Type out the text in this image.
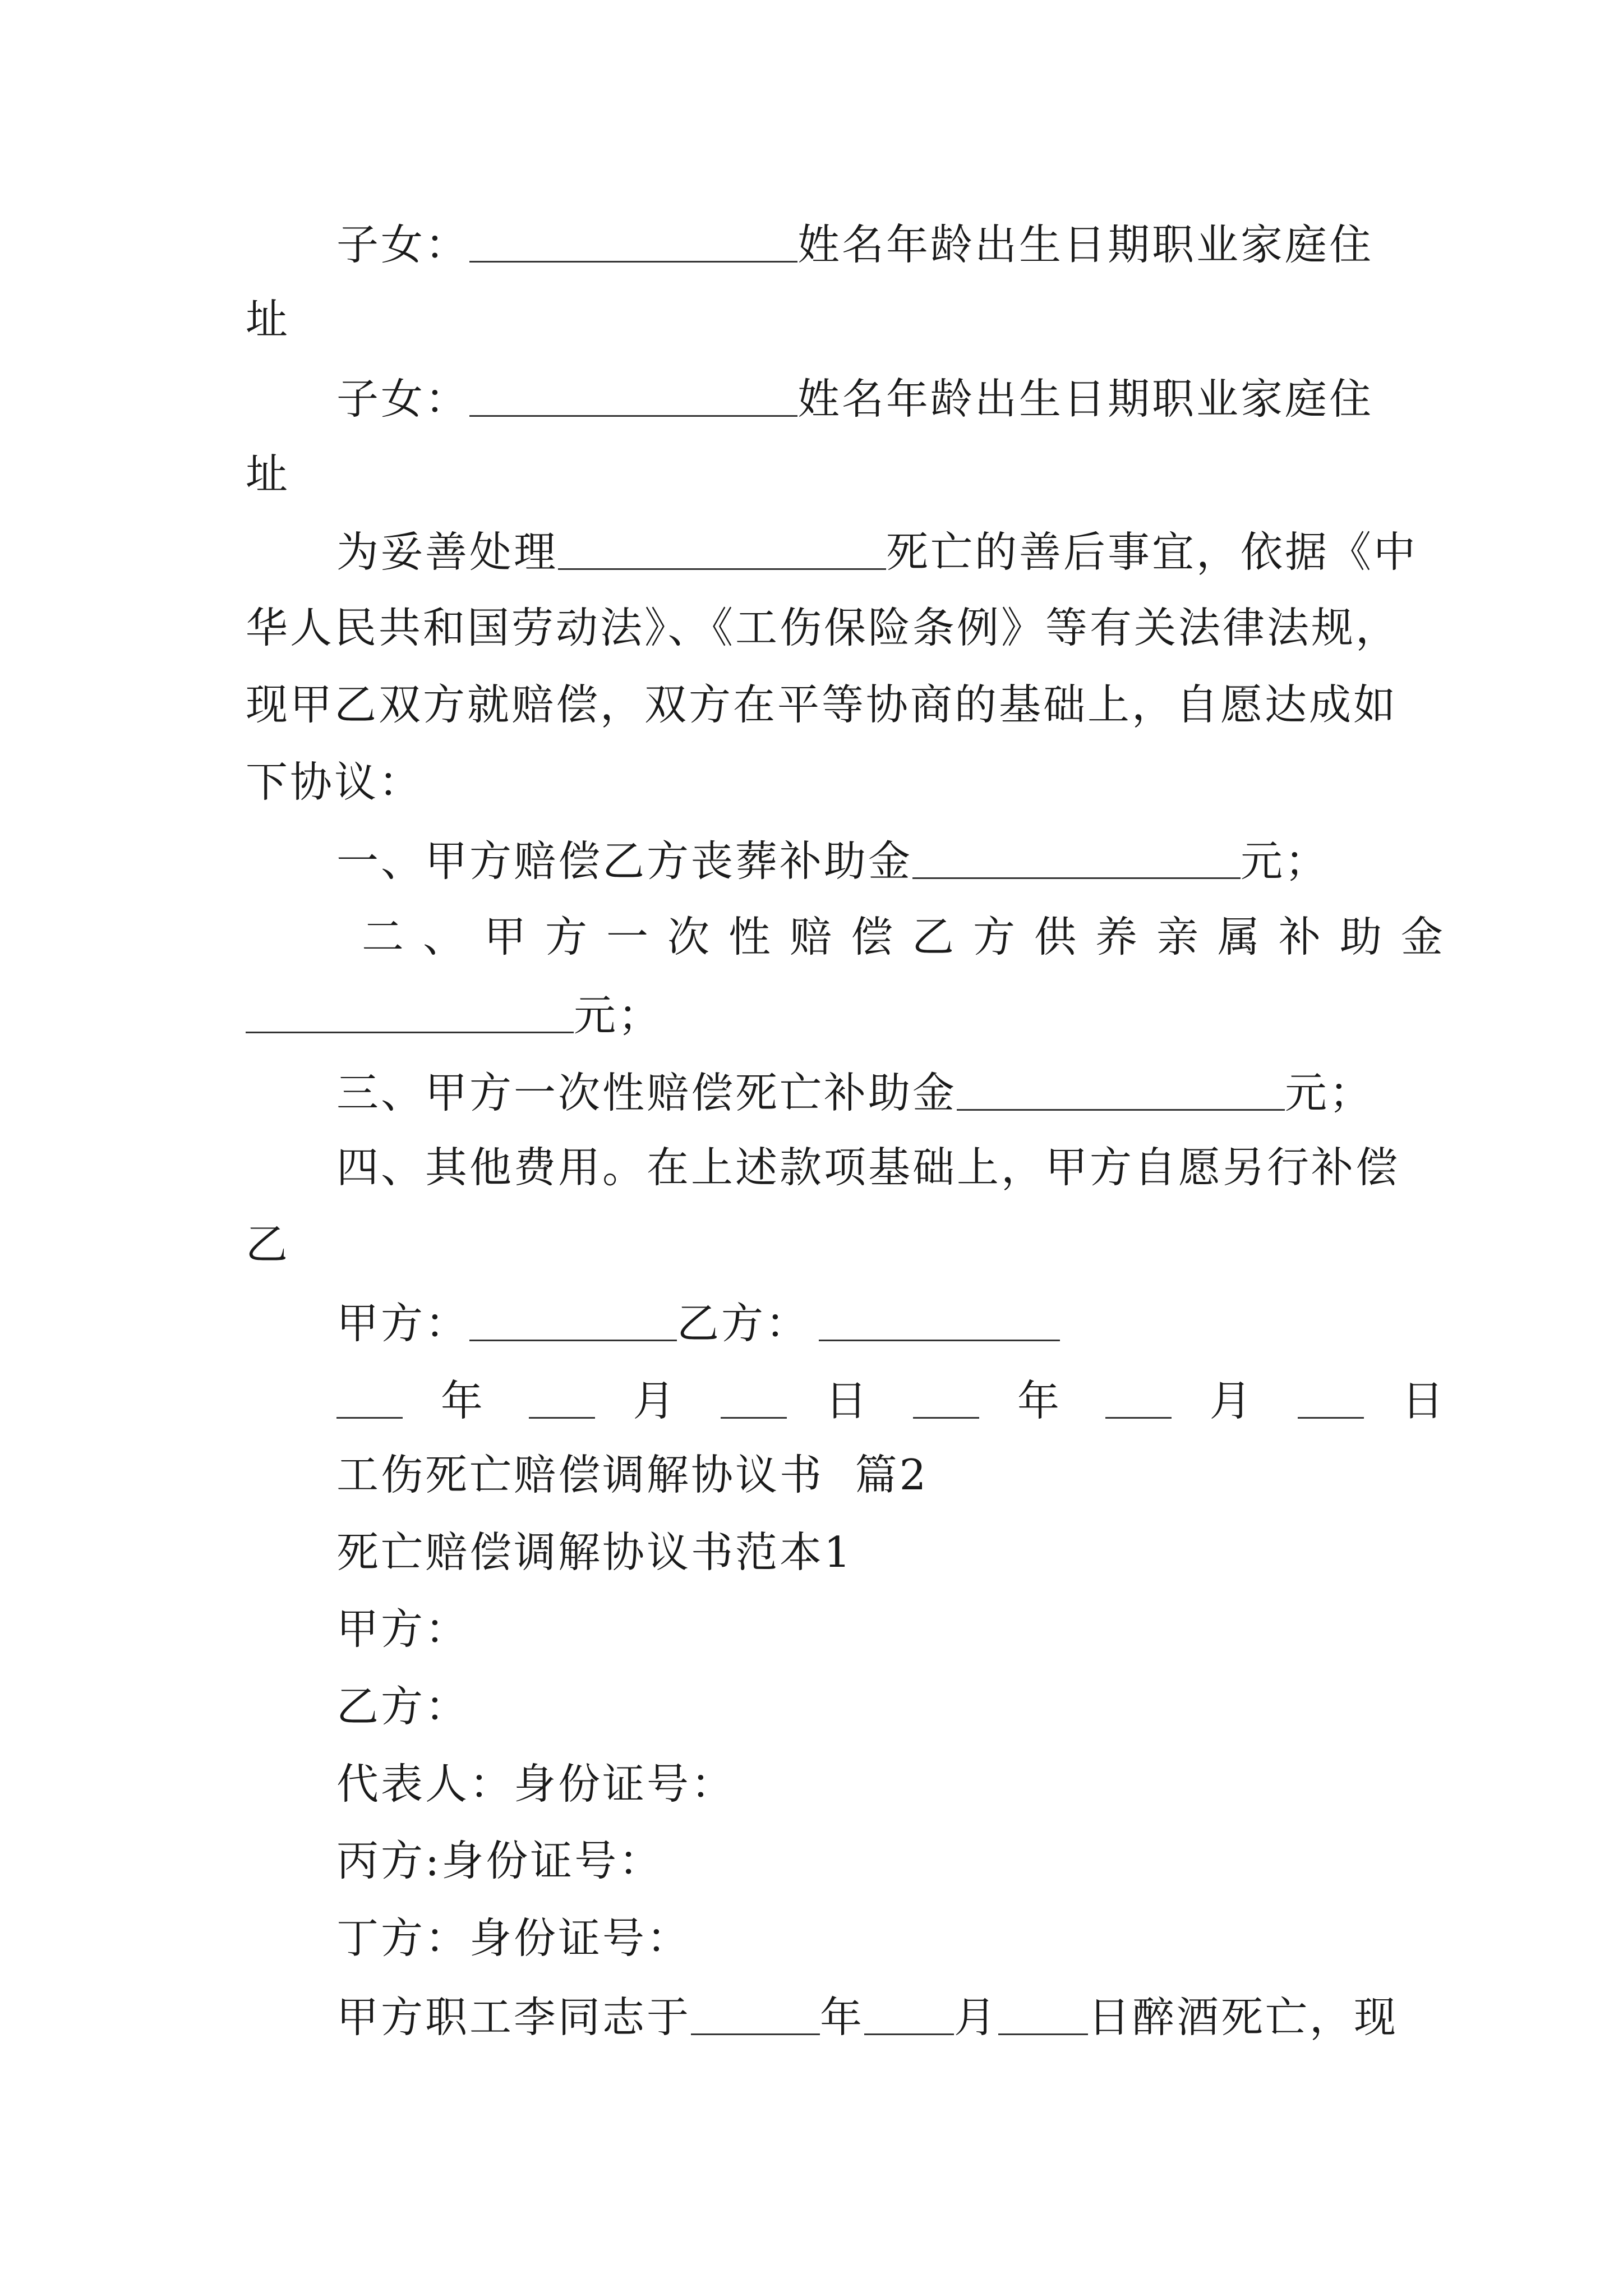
子女：	姓名年龄出生日期职业家庭住
址
子女：	姓名年龄出生日期职业家庭住
址
为妥善处理	死亡的善后事宜，依据《中
华人民共和国劳动法》、《工伤保险条例》等有关法律法规，
现甲乙双方就赔偿，双方在平等协商的基础上，自愿达成如
下协议：
一、甲方赔偿乙方丧葬补助金	元；
二、甲方一次性赔偿乙方供养亲属补助金
元；
三、甲方一次性赔偿死亡补助金	元；
四、其他费用。在上述款项基础上，甲方自愿另行补偿
乙
甲方：	乙方：
年	月	日	年	月	日
工伤死亡赔偿调解协议书  篇2
死亡赔偿调解协议书范本1
甲方：
乙方：
代表人：身份证号：
丙方:身份证号：
丁方：身份证号：
甲方职工李同志于	年 月 日醉酒死亡，现
